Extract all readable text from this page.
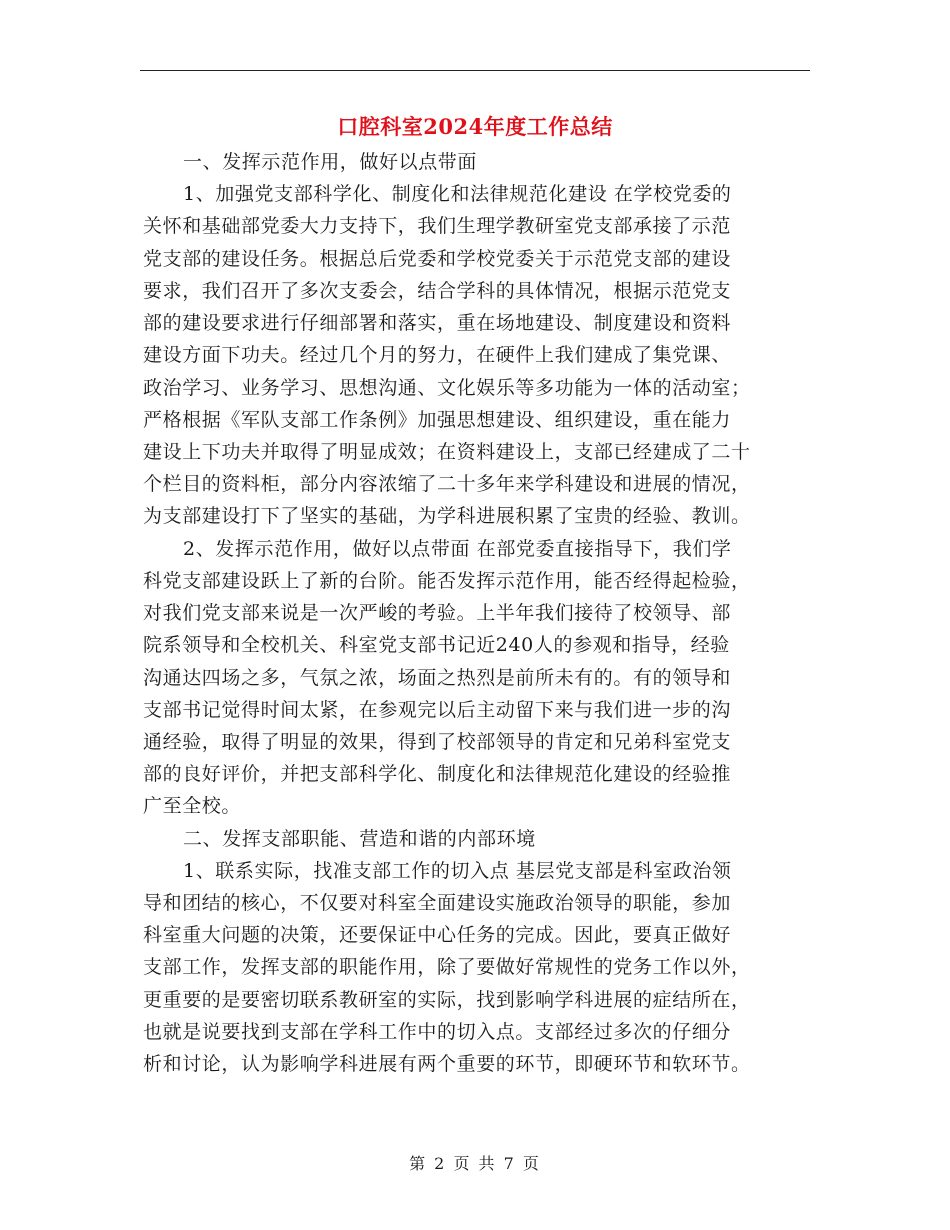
口腔科室2024年度工作总结
一、发挥示范作用，做好以点带面
1、加强党支部科学化、制度化和法律规范化建设 在学校党委的
关怀和基础部党委大力支持下，我们生理学教研室党支部承接了示范
党支部的建设任务。根据总后党委和学校党委关于示范党支部的建设
要求，我们召开了多次支委会，结合学科的具体情况，根据示范党支
部的建设要求进行仔细部署和落实，重在场地建设、制度建设和资料
建设方面下功夫。经过几个月的努力，在硬件上我们建成了集党课、
政治学习、业务学习、思想沟通、文化娱乐等多功能为一体的活动室；
严格根据《军队支部工作条例》加强思想建设、组织建设，重在能力
建设上下功夫并取得了明显成效；在资料建设上，支部已经建成了二十
个栏目的资料柜，部分内容浓缩了二十多年来学科建设和进展的情况，
为支部建设打下了坚实的基础，为学科进展积累了宝贵的经验、教训。
2、发挥示范作用，做好以点带面 在部党委直接指导下，我们学
科党支部建设跃上了新的台阶。能否发挥示范作用，能否经得起检验，
对我们党支部来说是一次严峻的考验。上半年我们接待了校领导、部
院系领导和全校机关、科室党支部书记近240人的参观和指导，经验
沟通达四场之多，气氛之浓，场面之热烈是前所未有的。有的领导和
支部书记觉得时间太紧，在参观完以后主动留下来与我们进一步的沟
通经验，取得了明显的效果，得到了校部领导的肯定和兄弟科室党支
部的良好评价，并把支部科学化、制度化和法律规范化建设的经验推
广至全校。
二、发挥支部职能、营造和谐的内部环境
1、联系实际，找准支部工作的切入点 基层党支部是科室政治领
导和团结的核心，不仅要对科室全面建设实施政治领导的职能，参加
科室重大问题的决策，还要保证中心任务的完成。因此，要真正做好
支部工作，发挥支部的职能作用，除了要做好常规性的党务工作以外，
更重要的是要密切联系教研室的实际，找到影响学科进展的症结所在，
也就是说要找到支部在学科工作中的切入点。支部经过多次的仔细分
析和讨论，认为影响学科进展有两个重要的环节，即硬环节和软环节。
第 2 页 共 7 页
